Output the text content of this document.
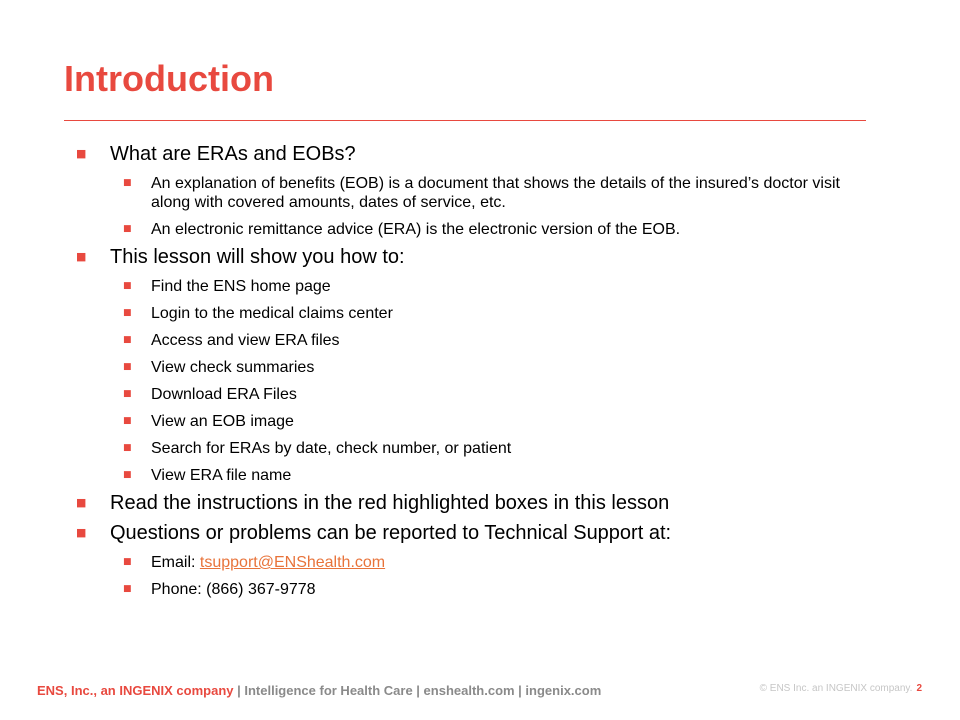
Introduction
■ What are ERAs and EOBs?
■ An explanation of benefits (EOB) is a document that shows the details of the insured’s doctor visit along with covered amounts, dates of service, etc.
■ An electronic remittance advice (ERA) is the electronic version of the EOB.
■ This lesson will show you how to:
■ Find the ENS home page
■ Login to the medical claims center
■ Access and view ERA files
■ View check summaries
■ Download ERA Files
■ View an EOB image
■ Search for ERAs by date, check number, or patient
■ View ERA file name
■ Read the instructions in the red highlighted boxes in this lesson
■ Questions or problems can be reported to Technical Support at:
■ Email: tsupport@ENShealth.com
■ Phone: (866) 367-9778
ENS, Inc., an INGENIX company | Intelligence for Health Care | enshealth.com | ingenix.com	© ENS Inc. an INGENIX company. 2
